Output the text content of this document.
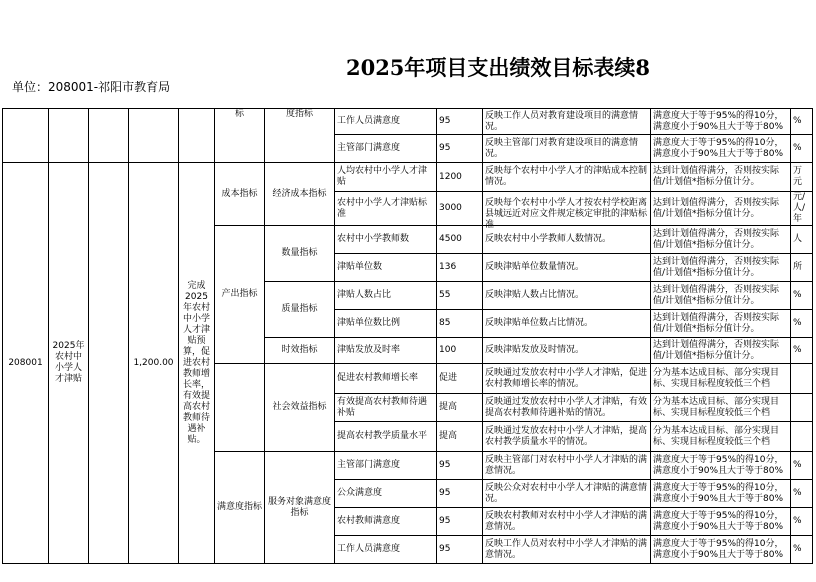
2025年项目支出绩效目标表续8
单位：208001-祁阳市教育局
					标	度指标	工作人员满意度	95	反映工作人员对教育建设项目的满意情况。	满意度大于等于95%的得10分，满意度小于90%且大于等于80%	%
							主管部门满意度	95	反映主管部门对教育建设项目的满意情况。	满意度大于等于95%的得10分，满意度小于90%且大于等于80%	%
208001	2025年农村中小学人才津贴		1,200.00	完成2025年农村中小学人才津贴预算，促进农村教师增长率，有效提高农村教师待遇补贴。	成本指标	经济成本指标	人均农村中小学人才津贴	1200	反映每个农村中小学人才的津贴成本控制情况。	达到计划值得满分，否则按实际值/计划值*指标分值计分。	万元
							农村中小学人才津贴标准	3000	反映每个农村中小学人才按农村学校距离县城远近对应文件规定核定审批的津贴标准	达到计划值得满分，否则按实际值/计划值*指标分值计分。	元/人/年
					产出指标	数量指标	农村中小学教师数	4500	反映农村中小学教师人数情况。	达到计划值得满分，否则按实际值/计划值*指标分值计分。	人
							津贴单位数	136	反映津贴单位数量情况。	达到计划值得满分，否则按实际值/计划值*指标分值计分。	所
						质量指标	津贴人数占比	55	反映津贴人数占比情况。	达到计划值得满分，否则按实际值/计划值*指标分值计分。	%
							津贴单位数比例	85	反映津贴单位数占比情况。	达到计划值得满分，否则按实际值/计划值*指标分值计分。	%
						时效指标	津贴发放及时率	100	反映津贴发放及时情况。	达到计划值得满分，否则按实际值/计划值*指标分值计分。	%
						社会效益指标	促进农村教师增长率	促进	反映通过发放农村中小学人才津贴，促进农村教师增长率的情况。	分为基本达成目标、部分实现目标、实现目标程度较低三个档	

							有效提高农村教师待遇补贴	提高	反映通过发放农村中小学人才津贴，有效提高农村教师待遇补贴的情况。	分为基本达成目标、部分实现目标、实现目标程度较低三个档	

							提高农村教学质量水平	提高	反映通过发放农村中小学人才津贴，提高农村教学质量水平的情况。	分为基本达成目标、部分实现目标、实现目标程度较低三个档	

					满意度指标	服务对象满意度指标	主管部门满意度	95	反映主管部门对农村中小学人才津贴的满意情况。	满意度大于等于95%的得10分，满意度小于90%且大于等于80%	%
							公众满意度	95	反映公众对农村中小学人才津贴的满意情况。	满意度大于等于95%的得10分，满意度小于90%且大于等于80%	%
							农村教师满意度	95	反映农村教师对农村中小学人才津贴的满意情况。	满意度大于等于95%的得10分，满意度小于90%且大于等于80%	%
							工作人员满意度	95	反映工作人员对农村中小学人才津贴的满意情况。	满意度大于等于95%的得10分，满意度小于90%且大于等于80%	%
